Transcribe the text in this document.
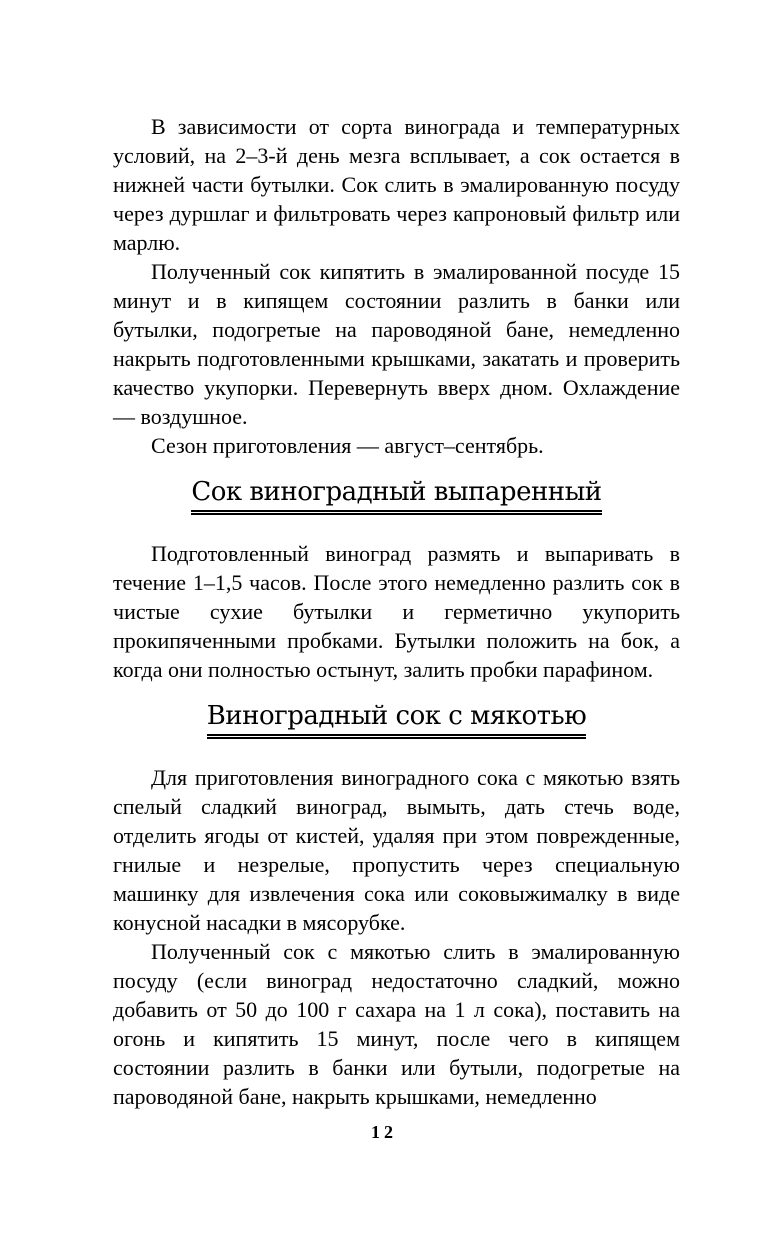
В зависимости от сорта винограда и температурных условий, на 2–3-й день мезга всплывает, а сок остается в нижней части бутылки. Сок слить в эмалированную посуду через дуршлаг и фильтровать через капроновый фильтр или марлю.

Полученный сок кипятить в эмалированной посуде 15 минут и в кипящем состоянии разлить в банки или бутылки, подогретые на пароводяной бане, немедленно накрыть подготовленными крышками, закатать и проверить качество укупорки. Перевернуть вверх дном. Охлаждение — воздушное.

Сезон приготовления — август–сентябрь.

Сок виноградный выпаренный

Подготовленный виноград размять и выпаривать в течение 1–1,5 часов. После этого немедленно разлить сок в чистые сухие бутылки и герметично укупорить прокипяченными пробками. Бутылки положить на бок, а когда они полностью остынут, залить пробки парафином.

Виноградный сок с мякотью

Для приготовления виноградного сока с мякотью взять спелый сладкий виноград, вымыть, дать стечь воде, отделить ягоды от кистей, удаляя при этом поврежденные, гнилые и незрелые, пропустить через специальную машинку для извлечения сока или соковыжималку в виде конусной насадки в мясорубке.

Полученный сок с мякотью слить в эмалированную посуду (если виноград недостаточно сладкий, можно добавить от 50 до 100 г сахара на 1 л сока), поставить на огонь и кипятить 15 минут, после чего в кипящем состоянии разлить в банки или бутыли, подогретые на пароводяной бане, накрыть крышками, немедленно

12
